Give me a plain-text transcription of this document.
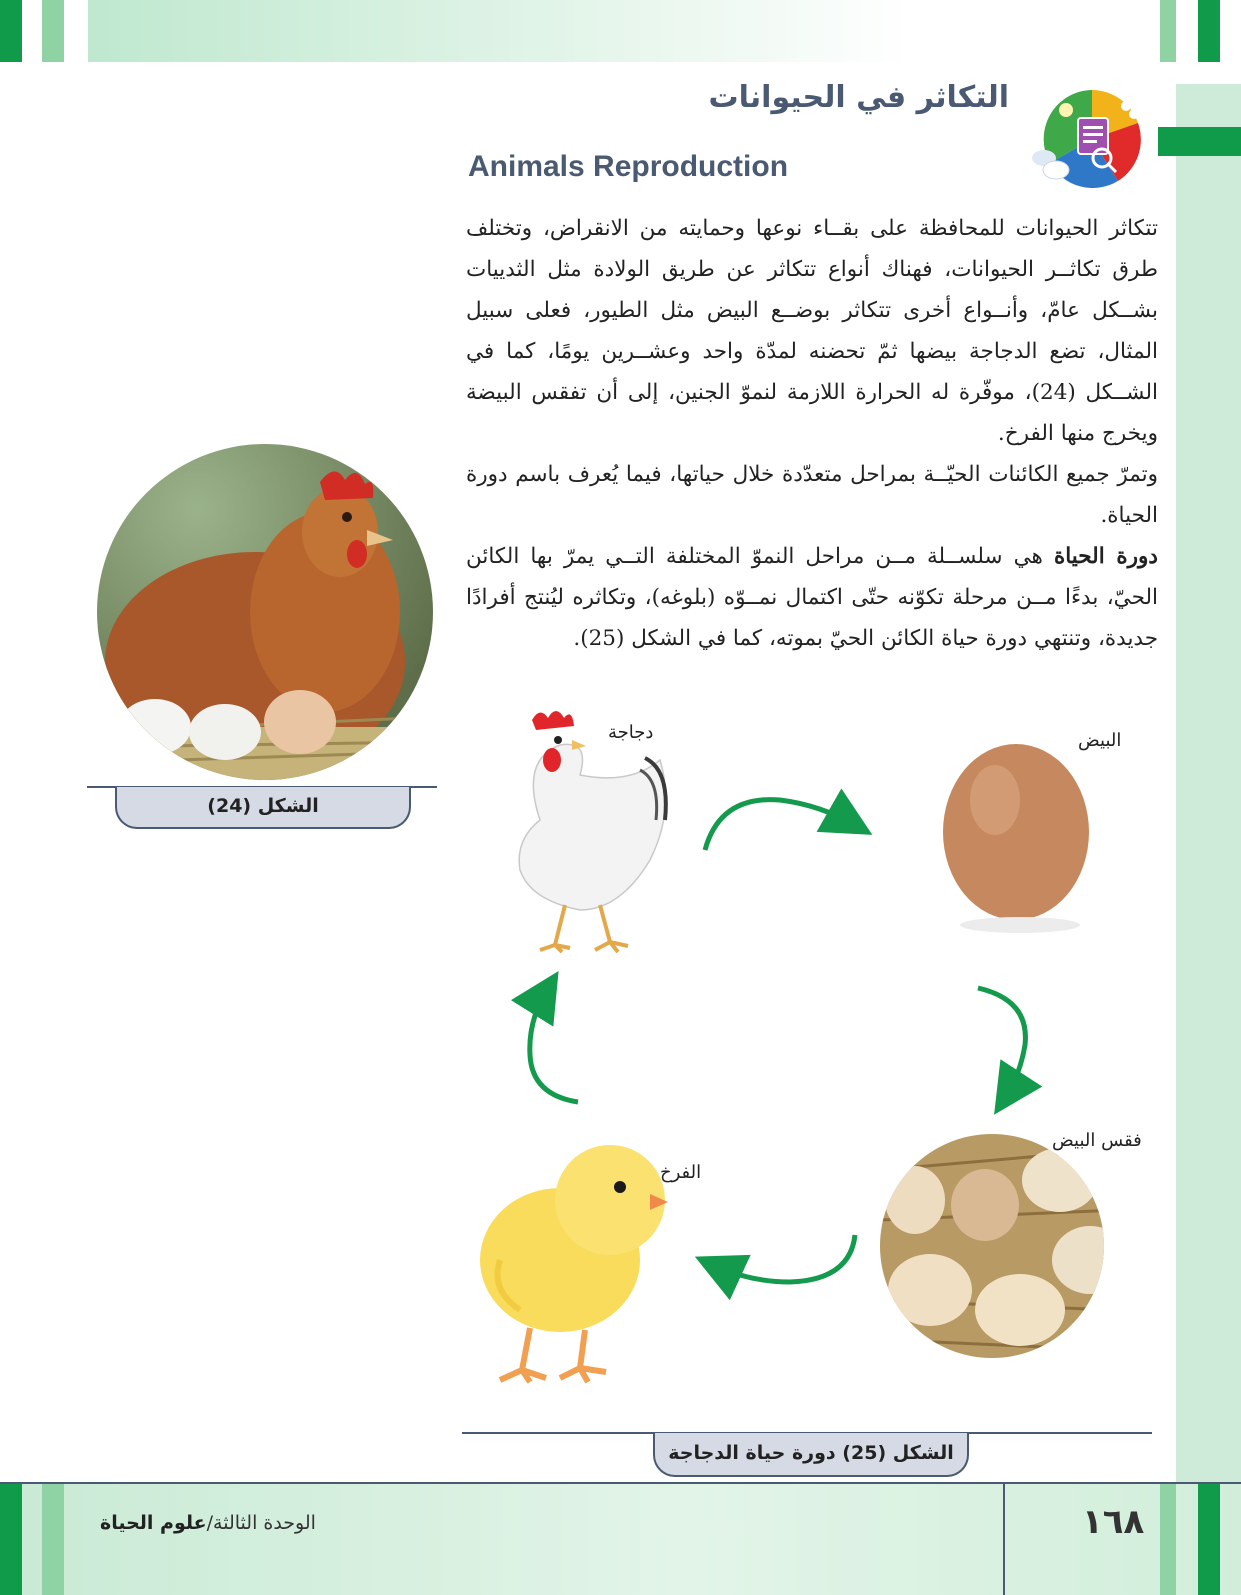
التكاثر في الحيوانات
Animals Reproduction

تتكاثر الحيوانات للمحافظة على بقــاء نوعها وحمايته من الانقراض، وتختلف طرق تكاثــر الحيوانات، فهناك أنواع تتكاثر عن طريق الولادة مثل الثدييات بشــكل عامّ، وأنــواع أخرى تتكاثر بوضــع البيض مثل الطيور، فعلى سبيل المثال، تضع الدجاجة بيضها ثمّ تحضنه لمدّة واحد وعشــرين يومًا، كما في الشــكل (24)، موفّرة له الحرارة اللازمة لنموّ الجنين، إلى أن تفقس البيضة ويخرج منها الفرخ.

وتمرّ جميع الكائنات الحيّــة بمراحل متعدّدة خلال حياتها، فيما يُعرف باسم دورة الحياة.

دورة الحياة هي سلســلة مــن مراحل النموّ المختلفة التــي يمرّ بها الكائن الحيّ، بدءًا مــن مرحلة تكوّنه حتّى اكتمال نمــوّه (بلوغه)، وتكاثره ليُنتج أفرادًا جديدة، وتنتهي دورة حياة الكائن الحيّ بموته، كما في الشكل (25).

الشكل (24)
دجاجة	البيض
فقس البيض
الفرخ
الشكل (25) دورة حياة الدجاجة
الوحدة الثالثة/علوم الحياة	١٦٨
